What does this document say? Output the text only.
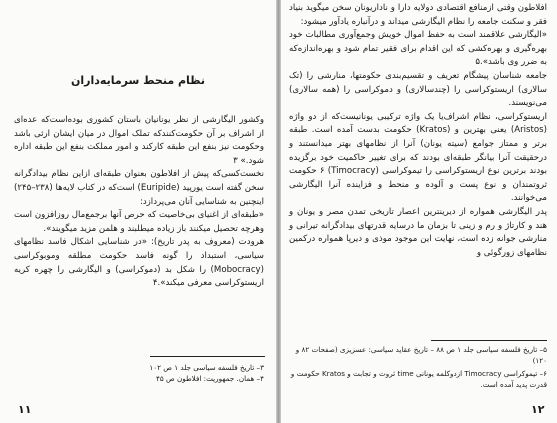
نظام منحط سرمایه‌داران

وکشور الیگارشی از نظر یونانیان باستان کشوری بوده‌است‌که عده‌ای از اشراف بر آن حکومت‌کنند‌که تملک اموال در میان ایشان ارثی باشد وحکومت نیز بنفع این طبقه کارکند و امور مملکت بنفع این طبقه اداره شود.» ۳

نخست‌کسی‌که پیش از افلاطون بعنوان طبقه‌ای ازاین نظام بیدادگرانه سخن گفته است یورپید (Euripide) است‌که در کتاب لایه‌ها (۲۳۸–۲۴۵) اینچنین به شناسایی آنان می‌پردازد:

«طبقه‌ای از اغنیای بی‌خاصیت که حرص آنها برجمع‌مال روزافزون است وهرچه تحصیل میکنند باز زیاده میطلبند و هلمن مزید میگویند».

هرودت (معروف به پدر تاریخ): «در شناسایی اشکال فاسد نظامهای سیاسی، استبداد را گونه فاسد حکومت مطلقه وموبوکراسی (Mobocracy) را شکل بد (دموکراسی) و الیگارشی را چهره کریه اریستوکراسی معرفی میکند».۴

۳– تاریخ فلسفه سیاسی جلد ۱ ص ۱۰۲
۴– همان. جمهوریت: افلاطون ص ۴۵
۱۱

افلاطون وقتی ازمنافع اقتصادی دولایه دارا و ناداریونان سخن میگوید بنیاد فقر و سکنت جامعه را نظام الیگارشی میداند و درآنباره یادآور میشود:

«الیگارشی علاقمند است به حفظ اموال خویش وجمع‌آوری مطالبات خود بهره‌گیری و بهره‌کشی که این اقدام برای فقیر تمام شود و بهره‌اندازه‌که به ضرر وی باشد».۵

جامعه شناسان پیشگام تعریف و تقسیم‌بندی حکومتها، منارشی را (تک سالاری) اریستوکراسی را (چندسالاری) و دموکراسی را (همه سالاری) می‌نویسند.

اریستوکراسی، نظام اشراف‌یا یک واژه ترکیبی یونانیست‌که از دو واژه (Aristos) یعنی بهترین و (Kratos) حکومت بدست آمده است. طبقه برتر و ممتاز جوامع (سیته یونان) آنرا از نظامهای بهتر میدانستند و درحقیقت آنرا بیانگر طبقه‌ای بودند که برای تغییر حاکمیت خود برگزیده بودند برترین نوع اریستوکراسی را تیموکراسی (Timocracy) ۶ حکومت ثروتمندان و نوع پست و آلوده و منحط و فزاینده آنرا الیگارشی می‌خوانند.

پدر الیگارشی همواره از دیرینترین اعصار تاریخی تمدن مصر و یونان و هند و کارتاژ و رم و زینی تا بزمان ما درسایه قدرتهای بیدادگرانه تیرانی و منارشی جوانه زده است، نهایت این موجود موذی و دیرپا همواره درکمین نظامهای زورگوئی و

۵– تاریخ فلسفه سیاسی جلد ۱ ص ۸۸ – تاریخ عقاید سیاسی: عسزیزی (صفحات ۸۲ و ۱۲۰)
۶– تیموکراسی Timocracy ازدوکلمه یونانی time ثروت و تجابت و Kratos حکومت و قدرت پدید آمده است.
۱۲
